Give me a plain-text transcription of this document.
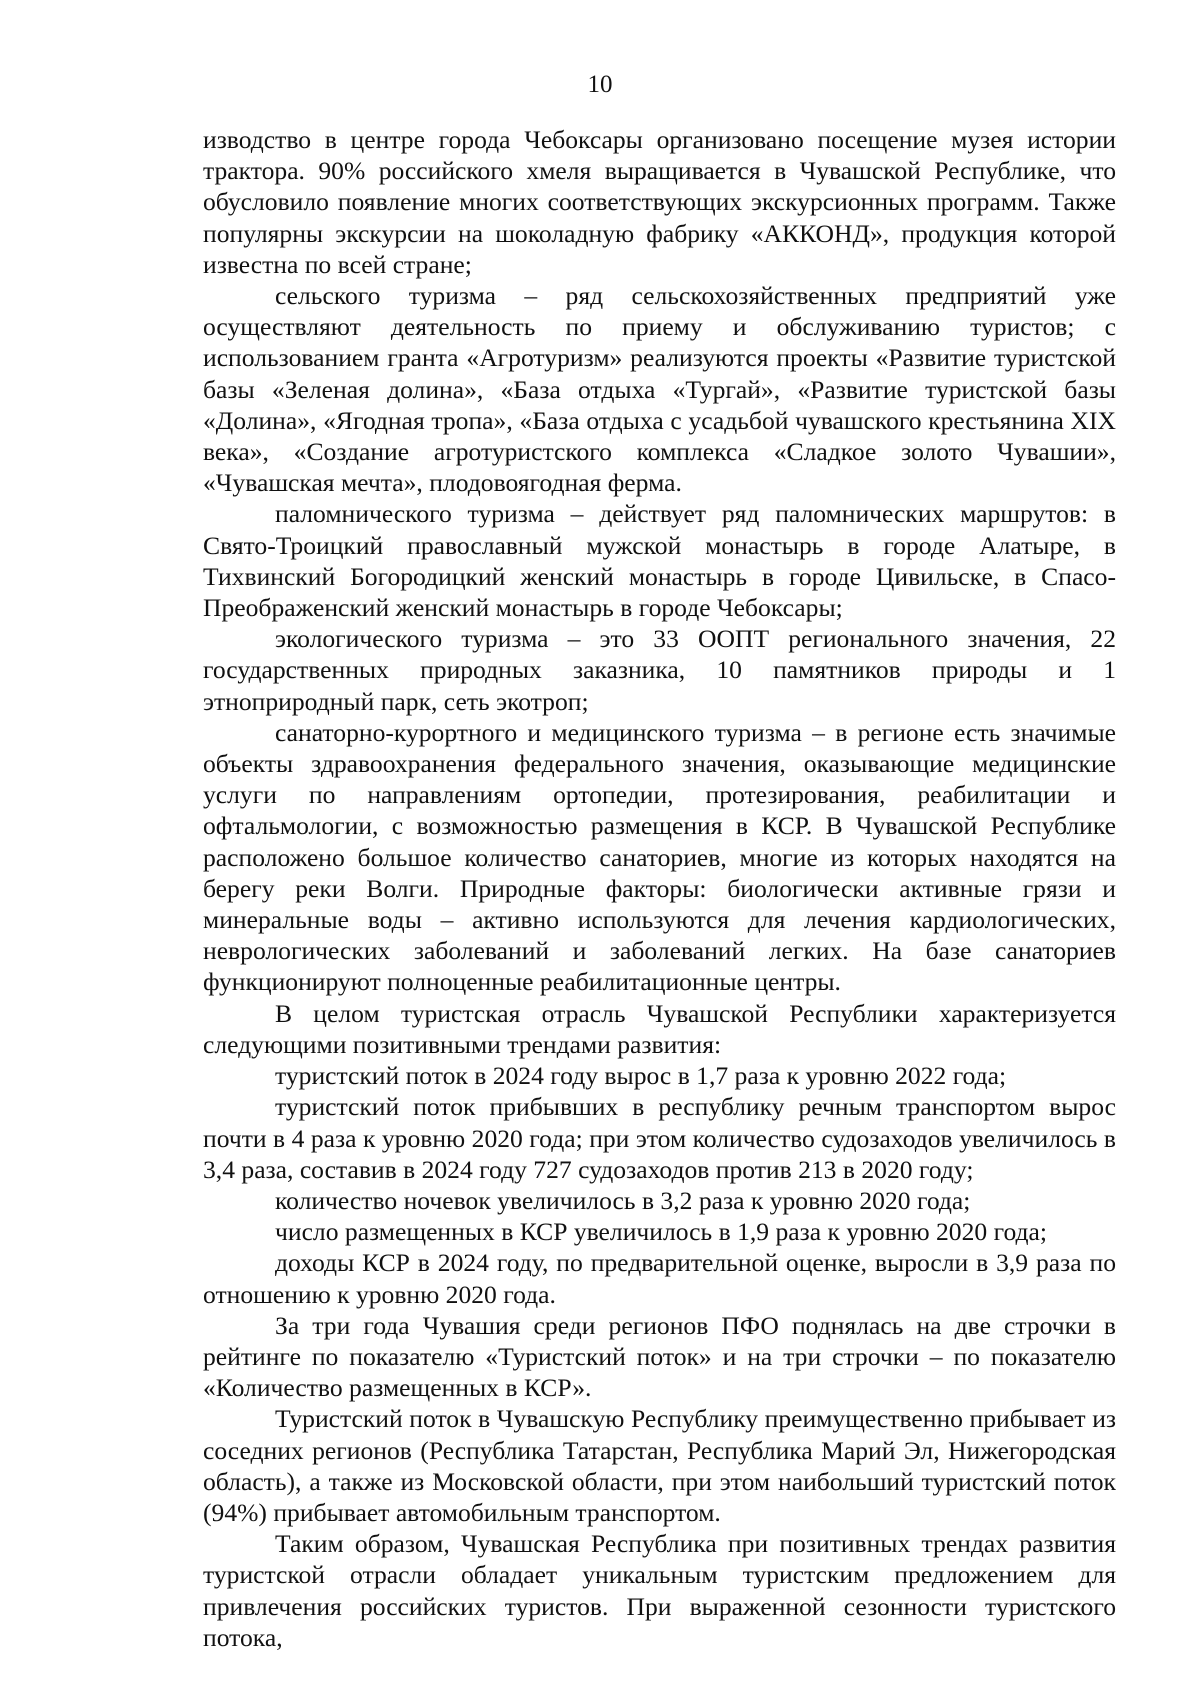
10

изводство в центре города Чебоксары организовано посещение музея истории трактора. 90% российского хмеля выращивается в Чувашской Республике, что обусловило появление многих соответствующих экскурсионных программ. Также популярны экскурсии на шоколадную фабрику «АККОНД», продукция которой известна по всей стране;

сельского туризма – ряд сельскохозяйственных предприятий уже осуществляют деятельность по приему и обслуживанию туристов; с использованием гранта «Агротуризм» реализуются проекты «Развитие туристской базы «Зеленая долина», «База отдыха «Тургай», «Развитие туристской базы «Долина», «Ягодная тропа», «База отдыха с усадьбой чувашского крестьянина XIX века», «Создание агротуристского комплекса «Сладкое золото Чувашии», «Чувашская мечта», плодовоягодная ферма.

паломнического туризма – действует ряд паломнических маршрутов: в Свято-Троицкий православный мужской монастырь в городе Алатыре, в Тихвинский Богородицкий женский монастырь в городе Цивильске, в Спасо-Преображенский женский монастырь в городе Чебоксары;

экологического туризма – это 33 ООПТ регионального значения, 22 государственных природных заказника, 10 памятников природы и 1 этноприродный парк, сеть экотроп;

санаторно-курортного и медицинского туризма – в регионе есть значимые объекты здравоохранения федерального значения, оказывающие медицинские услуги по направлениям ортопедии, протезирования, реабилитации и офтальмологии, с возможностью размещения в КСР. В Чувашской Республике расположено большое количество санаториев, многие из которых находятся на берегу реки Волги. Природные факторы: биологически активные грязи и минеральные воды – активно используются для лечения кардиологических, неврологических заболеваний и заболеваний легких. На базе санаториев функционируют полноценные реабилитационные центры.

В целом туристская отрасль Чувашской Республики характеризуется следующими позитивными трендами развития:

туристский поток в 2024 году вырос в 1,7 раза к уровню 2022 года;

туристский поток прибывших в республику речным транспортом вырос почти в 4 раза к уровню 2020 года; при этом количество судозаходов увеличилось в 3,4 раза, составив в 2024 году 727 судозаходов против 213 в 2020 году;

количество ночевок увеличилось в 3,2 раза к уровню 2020 года;

число размещенных в КСР увеличилось в 1,9 раза к уровню 2020 года;

доходы КСР в 2024 году, по предварительной оценке, выросли в 3,9 раза по отношению к уровню 2020 года.

За три года Чувашия среди регионов ПФО поднялась на две строчки в рейтинге по показателю «Туристский поток» и на три строчки – по показателю «Количество размещенных в КСР».

Туристский поток в Чувашскую Республику преимущественно прибывает из соседних регионов (Республика Татарстан, Республика Марий Эл, Нижегородская область), а также из Московской области, при этом наибольший туристский поток (94%) прибывает автомобильным транспортом.

Таким образом, Чувашская Республика при позитивных трендах развития туристской отрасли обладает уникальным туристским предложением для привлечения российских туристов. При выраженной сезонности туристского потока,
